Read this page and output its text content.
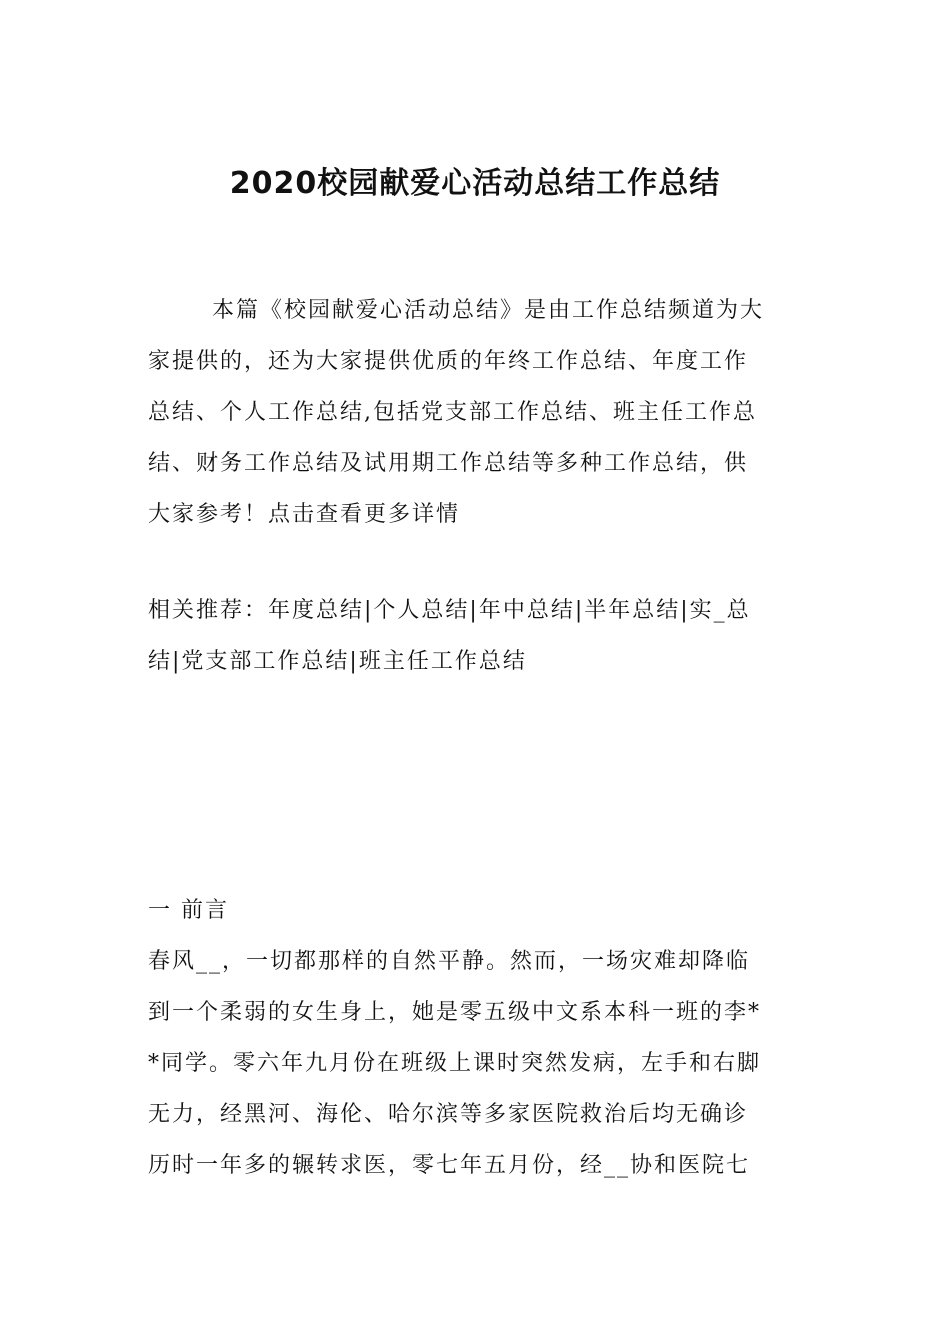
2020校园献爱心活动总结工作总结
本篇《校园献爱心活动总结》是由工作总结频道为大
家提供的，还为大家提供优质的年终工作总结、年度工作
总结、个人工作总结,包括党支部工作总结、班主任工作总
结、财务工作总结及试用期工作总结等多种工作总结，供
大家参考！点击查看更多详情
相关推荐：年度总结|个人总结|年中总结|半年总结|实_总
结|党支部工作总结|班主任工作总结
一 前言
春风__，一切都那样的自然平静。然而，一场灾难却降临
到一个柔弱的女生身上，她是零五级中文系本科一班的李*
*同学。零六年九月份在班级上课时突然发病，左手和右脚
无力，经黑河、海伦、哈尔滨等多家医院救治后均无确诊
历时一年多的辗转求医，零七年五月份，经__协和医院七
